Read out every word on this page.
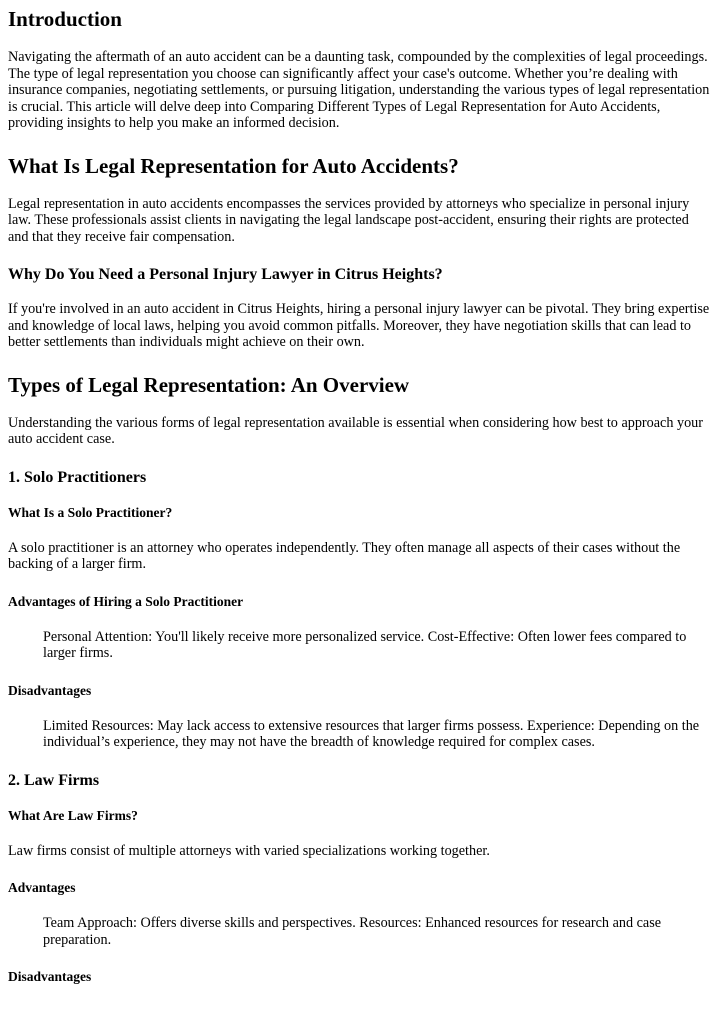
Introduction

Navigating the aftermath of an auto accident can be a daunting task, compounded by the complexities of legal proceedings. The type of legal representation you choose can significantly affect your case's outcome. Whether you’re dealing with insurance companies, negotiating settlements, or pursuing litigation, understanding the various types of legal representation is crucial. This article will delve deep into Comparing Different Types of Legal Representation for Auto Accidents, providing insights to help you make an informed decision.

What Is Legal Representation for Auto Accidents?

Legal representation in auto accidents encompasses the services provided by attorneys who specialize in personal injury law. These professionals assist clients in navigating the legal landscape post-accident, ensuring their rights are protected and that they receive fair compensation.

Why Do You Need a Personal Injury Lawyer in Citrus Heights?

If you're involved in an auto accident in Citrus Heights, hiring a personal injury lawyer can be pivotal. They bring expertise and knowledge of local laws, helping you avoid common pitfalls. Moreover, they have negotiation skills that can lead to better settlements than individuals might achieve on their own.

Types of Legal Representation: An Overview

Understanding the various forms of legal representation available is essential when considering how best to approach your auto accident case.

1. Solo Practitioners
What Is a Solo Practitioner?

A solo practitioner is an attorney who operates independently. They often manage all aspects of their cases without the backing of a larger firm.

Advantages of Hiring a Solo Practitioner

Personal Attention: You'll likely receive more personalized service. Cost-Effective: Often lower fees compared to larger firms.

Disadvantages

Limited Resources: May lack access to extensive resources that larger firms possess. Experience: Depending on the individual’s experience, they may not have the breadth of knowledge required for complex cases.

2. Law Firms
What Are Law Firms?

Law firms consist of multiple attorneys with varied specializations working together.

Advantages

Team Approach: Offers diverse skills and perspectives. Resources: Enhanced resources for research and case preparation.

Disadvantages
